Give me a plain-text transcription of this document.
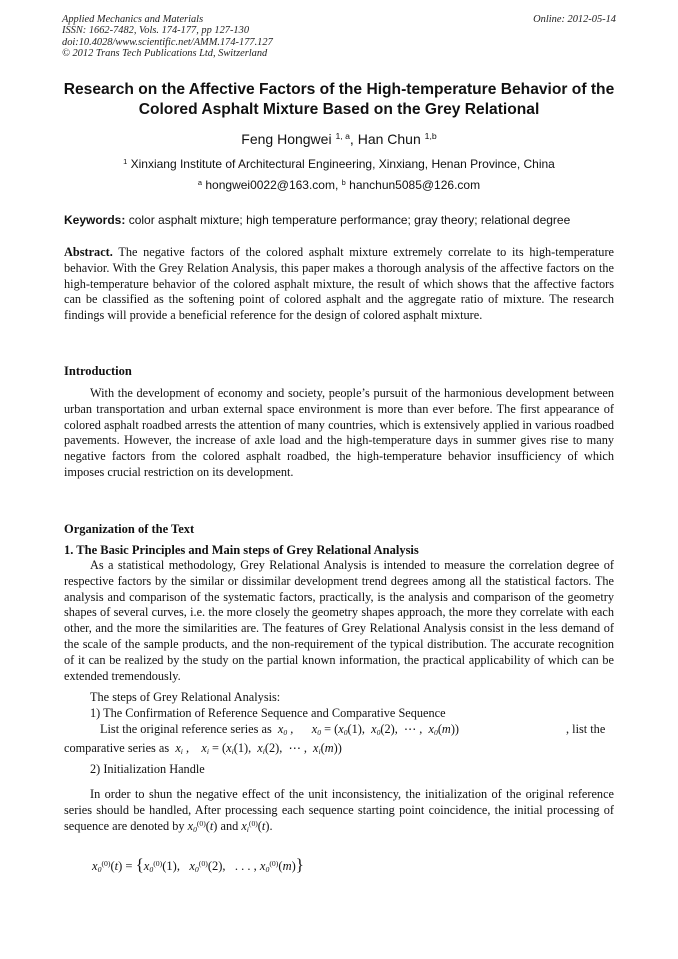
Applied Mechanics and Materials
ISSN: 1662-7482, Vols. 174-177, pp 127-130
doi:10.4028/www.scientific.net/AMM.174-177.127
© 2012 Trans Tech Publications Ltd, Switzerland
Online: 2012-05-14
Research on the Affective Factors of the High-temperature Behavior of the Colored Asphalt Mixture Based on the Grey Relational
Feng Hongwei $^{1, a}$, Han Chun $^{1,b}$
$^1$ Xinxiang Institute of Architectural Engineering, Xinxiang, Henan Province, China
$^a$ hongwei0022@163.com, $^b$ hanchun5085@126.com
Keywords: color asphalt mixture; high temperature performance; gray theory; relational degree
Abstract. The negative factors of the colored asphalt mixture extremely correlate to its high-temperature behavior. With the Grey Relation Analysis, this paper makes a thorough analysis of the affective factors on the high-temperature behavior of the colored asphalt mixture, the result of which shows that the affective factors can be classified as the softening point of colored asphalt and the aggregate ratio of mixture. The research findings will provide a beneficial reference for the design of colored asphalt mixture.
Introduction
With the development of economy and society, people’s pursuit of the harmonious development between urban transportation and urban external space environment is more than ever before. The first appearance of colored asphalt roadbed arrests the attention of many countries, which is extensively applied in various roadbed pavements. However, the increase of axle load and the high-temperature days in summer gives rise to many negative factors from the colored asphalt roadbed, the high-temperature behavior insufficiency of which imposes crucial restriction on its development.
Organization of the Text
1. The Basic Principles and Main steps of Grey Relational Analysis
As a statistical methodology, Grey Relational Analysis is intended to measure the correlation degree of respective factors by the similar or dissimilar development trend degrees among all the statistical factors. The analysis and comparison of the systematic factors, practically, is the analysis and comparison of the geometry shapes of several curves, i.e. the more closely the geometry shapes approach, the more they correlate with each other, and the more the similarities are. The features of Grey Relational Analysis consist in the less demand of the scale of the sample products, and the non-requirement of the typical distribution. The accurate recognition of it can be realized by the study on the partial known information, the practical applicability of which can be extended tremendously.
The steps of Grey Relational Analysis:
1) The Confirmation of Reference Sequence and Comparative Sequence
List the original reference series as  $x_0$ ,      $x_0 = (x_0(1)$,  $x_0(2)$,  ⋯ ,  $x_0(m)$)	, list the
comparative series as  $x_i$ ,    $x_i = (x_i(1)$,  $x_i(2)$,  ⋯ ,  $x_i(m)$)
2) Initialization Handle
In order to shun the negative effect of the unit inconsistency, the initialization of the original reference series should be handled, After processing each sequence starting point coincidence, the initial processing of sequence are denoted by $x_0^{(0)}(t)$ and $x_i^{(0)}(t)$.
$x_0^{(0)}(t) = \{x_0^{(0)}(1)$,   $x_0^{(0)}(2)$,   . . . , $x_0^{(0)}(m)$}
